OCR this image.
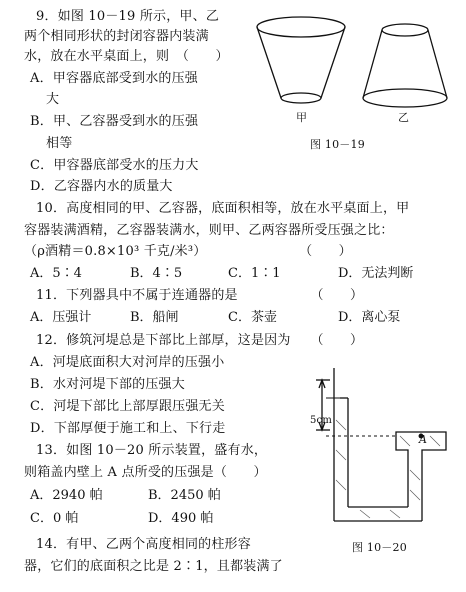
9．如图 10－19 所示，甲、乙
两个相同形状的封闭容器内装满
水，放在水平桌面上，则　（　　）
A．甲容器底部受到水的压强
大
B．甲、乙容器受到水的压强
相等
C．甲容器底部受水的压力大
D．乙容器内水的质量大
甲	乙
图 10－19
10．高度相同的甲、乙容器，底面积相等，放在水平桌面上，甲
容器装满酒精，乙容器装满水，则甲、乙两容器所受压强之比：
（ρ酒精＝0.8×10³ 千克/米³）　　　　　　　　（　　）
A．5∶4	B．4∶5	C．1∶1	D．无法判断
11．下列器具中不属于连通器的是　　　　　　（　　）
A．压强计	B．船闸	C．茶壶	D．离心泵
12．修筑河堤总是下部比上部厚，这是因为　　（　　）
A．河堤底面积大对河岸的压强小
B．水对河堤下部的压强大
C．河堤下部比上部厚跟压强无关
D．下部厚便于施工和上、下行走
13．如图 10－20 所示装置，盛有水，
则箱盖内壁上 A 点所受的压强是（　　）
A．2940 帕	B．2450 帕
C．0 帕	D．490 帕
5cm
A
图 10－20
14．有甲、乙两个高度相同的柱形容
器，它们的底面积之比是 2∶1，且都装满了
